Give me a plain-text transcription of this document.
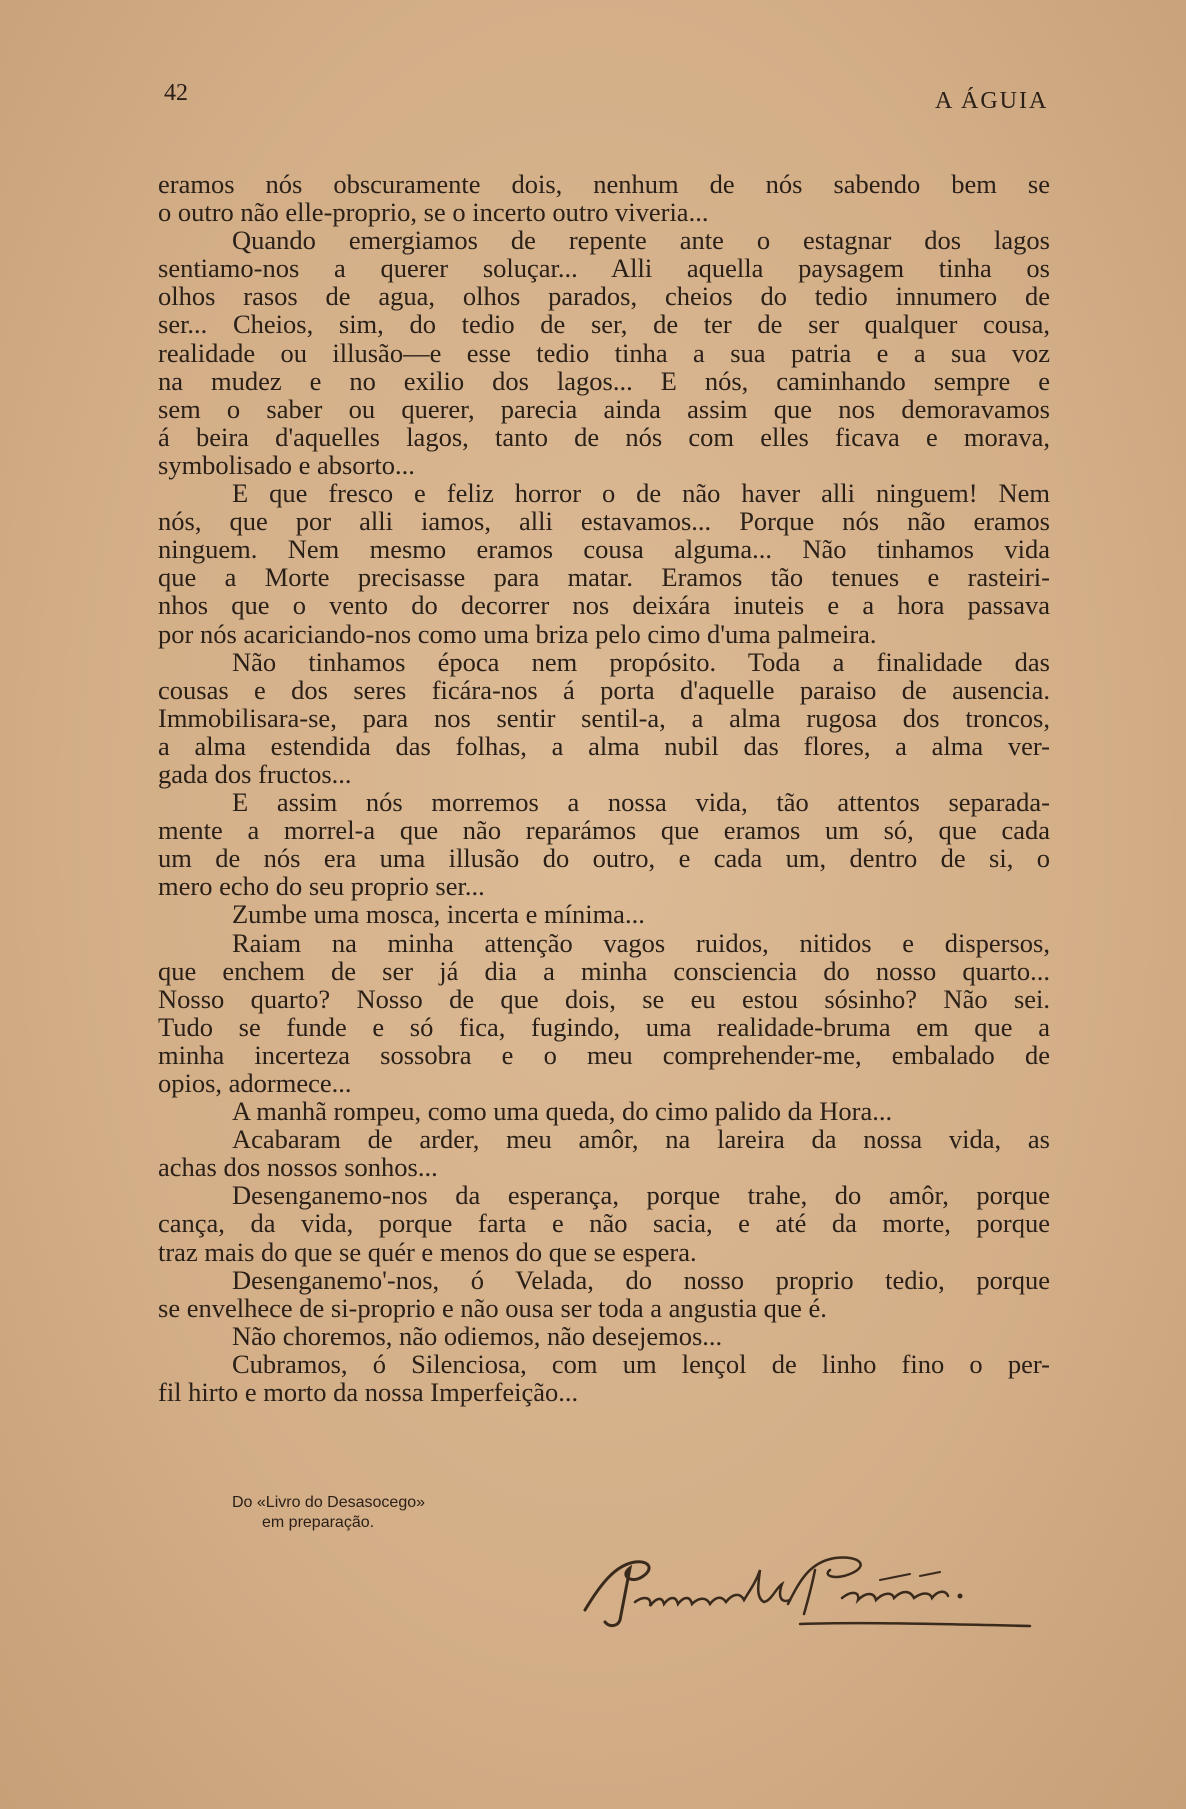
42	A ÁGUIA
eramos nós obscuramente dois, nenhum de nós sabendo bem se
o outro não elle-proprio, se o incerto outro viveria...
Quando emergiamos de repente ante o estagnar dos lagos
sentiamo-nos a querer soluçar... Alli aquella paysagem tinha os
olhos rasos de agua, olhos parados, cheios do tedio innumero de
ser... Cheios, sim, do tedio de ser, de ter de ser qualquer cousa,
realidade ou illusão—e esse tedio tinha a sua patria e a sua voz
na mudez e no exilio dos lagos... E nós, caminhando sempre e
sem o saber ou querer, parecia ainda assim que nos demoravamos
á beira d'aquelles lagos, tanto de nós com elles ficava e morava,
symbolisado e absorto...
E que fresco e feliz horror o de não haver alli ninguem! Nem
nós, que por alli iamos, alli estavamos... Porque nós não eramos
ninguem. Nem mesmo eramos cousa alguma... Não tinhamos vida
que a Morte precisasse para matar. Eramos tão tenues e rasteiri-
nhos que o vento do decorrer nos deixára inuteis e a hora passava
por nós acariciando-nos como uma briza pelo cimo d'uma palmeira.
Não tinhamos época nem propósito. Toda a finalidade das
cousas e dos seres ficára-nos á porta d'aquelle paraiso de ausencia.
Immobilisara-se, para nos sentir sentil-a, a alma rugosa dos troncos,
a alma estendida das folhas, a alma nubil das flores, a alma ver-
gada dos fructos...
E assim nós morremos a nossa vida, tão attentos separada-
mente a morrel-a que não reparámos que eramos um só, que cada
um de nós era uma illusão do outro, e cada um, dentro de si, o
mero echo do seu proprio ser...
Zumbe uma mosca, incerta e mínima...
Raiam na minha attenção vagos ruidos, nitidos e dispersos,
que enchem de ser já dia a minha consciencia do nosso quarto...
Nosso quarto? Nosso de que dois, se eu estou sósinho? Não sei.
Tudo se funde e só fica, fugindo, uma realidade-bruma em que a
minha incerteza sossobra e o meu comprehender-me, embalado de
opios, adormece...
A manhã rompeu, como uma queda, do cimo palido da Hora...
Acabaram de arder, meu amôr, na lareira da nossa vida, as
achas dos nossos sonhos...
Desenganemo-nos da esperança, porque trahe, do amôr, porque
cança, da vida, porque farta e não sacia, e até da morte, porque
traz mais do que se quér e menos do que se espera.
Desenganemo'-nos, ó Velada, do nosso proprio tedio, porque
se envelhece de si-proprio e não ousa ser toda a angustia que é.
Não choremos, não odiemos, não desejemos...
Cubramos, ó Silenciosa, com um lençol de linho fino o per-
fil hirto e morto da nossa Imperfeição...
Do «Livro do Desasocego»
em preparação.
